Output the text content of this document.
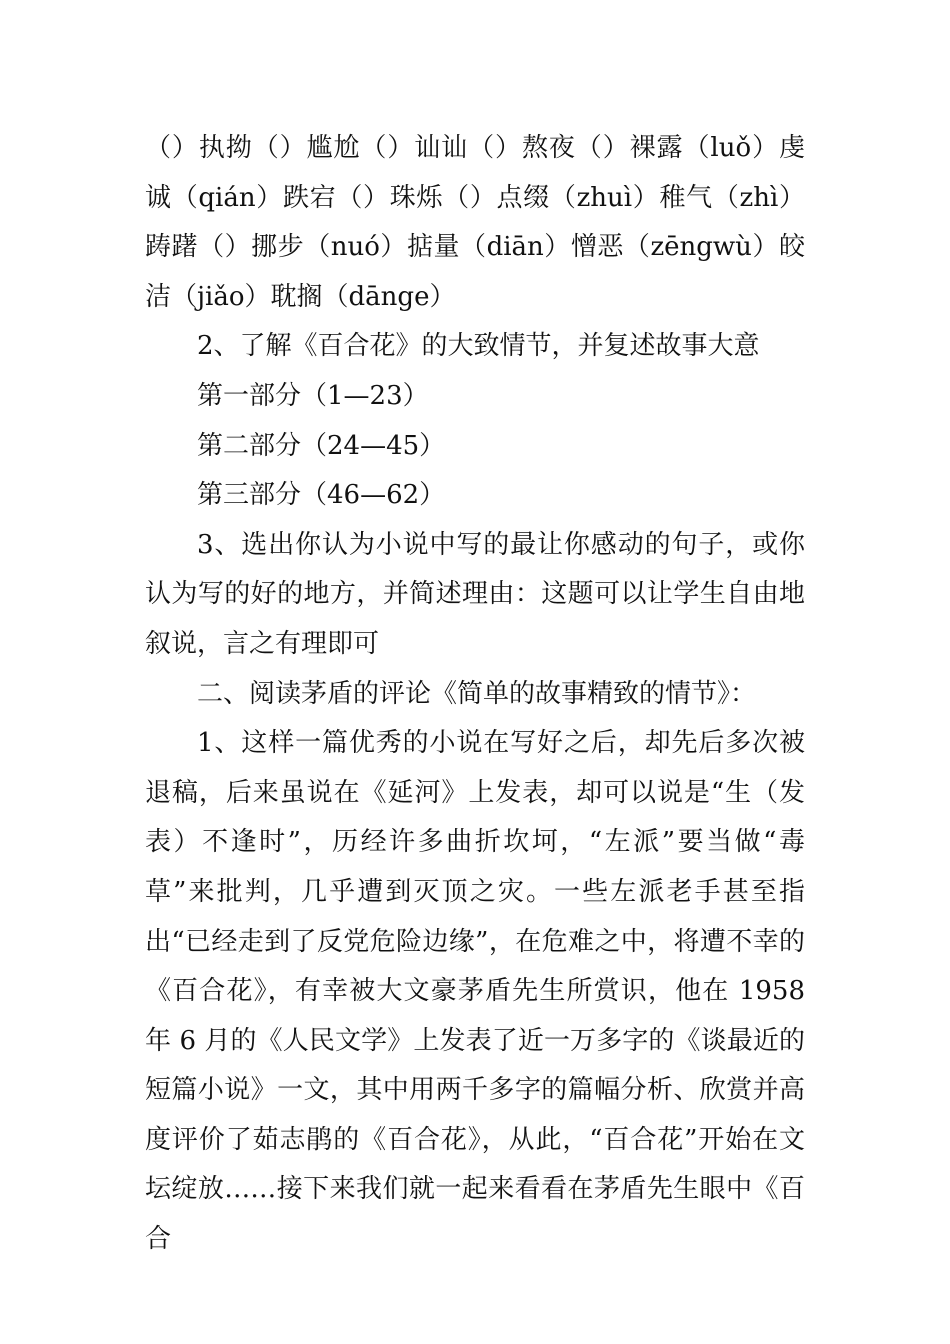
（）执拗（）尴尬（）讪讪（）熬夜（）裸露（luǒ）虔诚（qián）跌宕（）珠烁（）点缀（zhuì）稚气（zhì）踌躇（）挪步（nuó）掂量（diān）憎恶（zēngwù）皎洁（jiǎo）耽搁（dānge）

2、了解《百合花》的大致情节，并复述故事大意

第一部分（1—23）

第二部分（24—45）

第三部分（46—62）

3、选出你认为小说中写的最让你感动的句子，或你认为写的好的地方，并简述理由：这题可以让学生自由地叙说，言之有理即可

二、阅读茅盾的评论《简单的故事精致的情节》：

1、这样一篇优秀的小说在写好之后，却先后多次被退稿，后来虽说在《延河》上发表，却可以说是“生（发表）不逢时”，历经许多曲折坎坷，“左派”要当做“毒草”来批判，几乎遭到灭顶之灾。一些左派老手甚至指出“已经走到了反党危险边缘”，在危难之中，将遭不幸的《百合花》，有幸被大文豪茅盾先生所赏识，他在 1958 年 6 月的《人民文学》上发表了近一万多字的《谈最近的短篇小说》一文，其中用两千多字的篇幅分析、欣赏并高度评价了茹志鹃的《百合花》，从此，“百合花”开始在文坛绽放……接下来我们就一起来看看在茅盾先生眼中《百合
